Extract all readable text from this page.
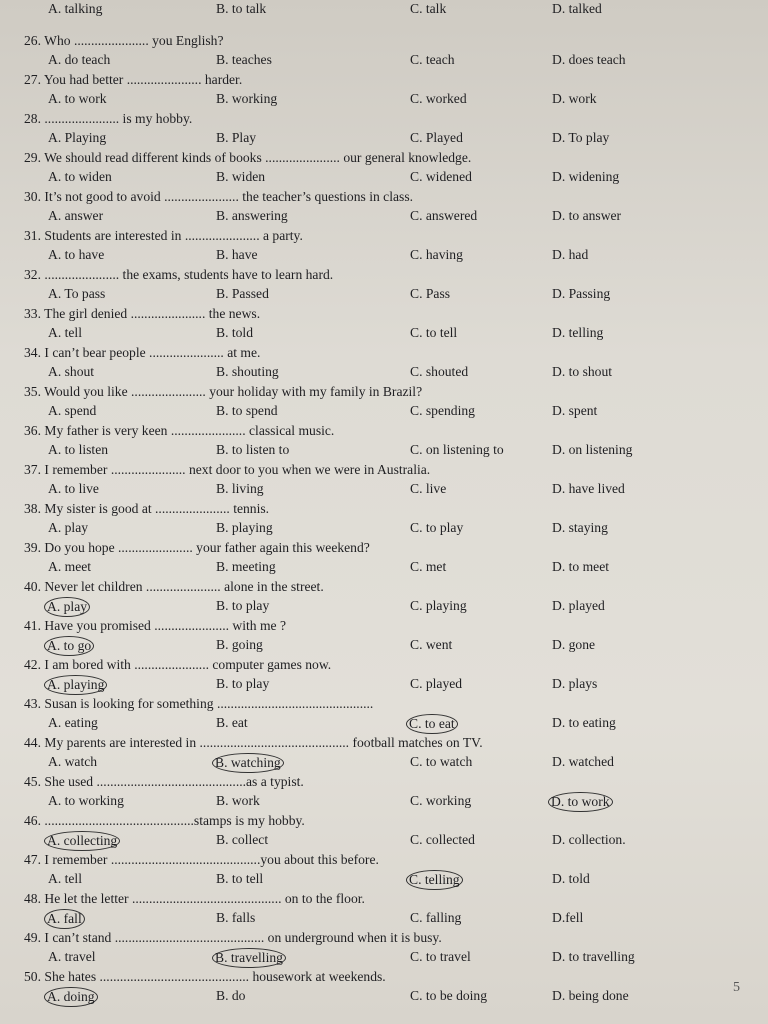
A. talking	B. to talk	C. talk	D. talked
26. Who ...................... you English?
A. do teach	B. teaches	C. teach	D. does teach
27. You had better ...................... harder.
A. to work	B. working	C. worked	D. work
28. ...................... is my hobby.
A. Playing	B. Play	C. Played	D. To play
29. We should read different kinds of books ...................... our general knowledge.
A. to widen	B. widen	C. widened	D. widening
30. It’s not good to avoid ...................... the teacher’s questions in class.
A. answer	B. answering	C. answered	D. to answer
31. Students are interested in ...................... a party.
A. to have	B. have	C. having	D. had
32. ...................... the exams, students have to learn hard.
A. To pass	B. Passed	C. Pass	D. Passing
33. The girl denied ...................... the news.
A. tell	B. told	C. to tell	D. telling
34. I can’t bear people ...................... at me.
A. shout	B. shouting	C. shouted	D. to shout
35. Would you like ...................... your holiday with my family in Brazil?
A. spend	B. to spend	C. spending	D. spent
36. My father is very keen ...................... classical music.
A. to listen	B. to listen to	C. on listening to	D. on listening
37. I remember ...................... next door to you when we were in Australia.
A. to live	B. living	C. live	D. have lived
38. My sister is good at ...................... tennis.
A. play	B. playing	C. to play	D. staying
39. Do you hope ...................... your father again this weekend?
A. meet	B. meeting	C. met	D. to meet
40. Never let children ...................... alone in the street.
A. play	B. to play	C. playing	D. played
41. Have you promised ...................... with me ?
A. to go	B. going	C. went	D. gone
42. I am bored with ...................... computer games now.
A. playing	B. to play	C. played	D. plays
43. Susan is looking for something ..............................................
A. eating	B. eat	C. to eat	D. to eating
44. My parents are interested in ............................................ football matches on TV.
A. watch	B. watching	C. to watch	D. watched
45. She used ............................................as a typist.
A. to working	B. work	C. working	D. to work
46. ............................................stamps is my hobby.
A. collecting	B. collect	C. collected	D. collection.
47. I remember ............................................you about this before.
A. tell	B. to tell	C. telling	D. told
48. He let the letter ............................................ on to the floor.
A. fall	B. falls	C. falling	D.fell
49. I can’t stand ............................................ on underground when it is busy.
A. travel	B. travelling	C. to travel	D. to travelling
50. She hates ............................................ housework at weekends.
A. doing	B. do	C. to be doing	D. being done
5
